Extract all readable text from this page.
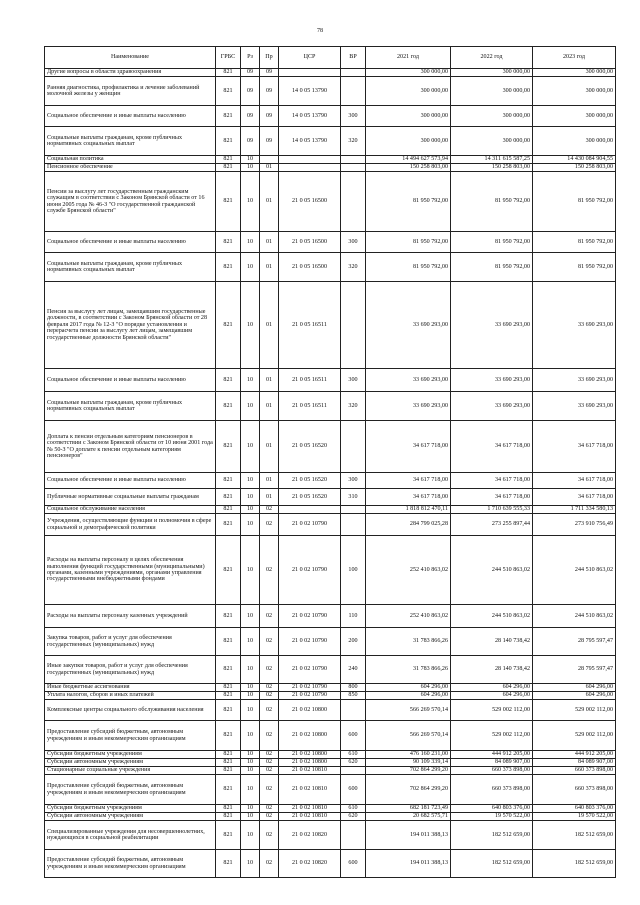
78
Наименование	ГРБС	Рз	Пр	ЦСР	ВР	2021 год	2022 год	2023 год
Другие вопросы в области здравоохранения	821	09	09			300 000,00	300 000,00	300 000,00
Ранняя диагностика, профилактика и лечение заболеваний молочной железы у женщин	821	09	09	14 0 05 13790		300 000,00	300 000,00	300 000,00
Социальное обеспечение и иные выплаты населению	821	09	09	14 0 05 13790	300	300 000,00	300 000,00	300 000,00
Социальные выплаты гражданам, кроме публичных нормативных социальных выплат	821	09	09	14 0 05 13790	320	300 000,00	300 000,00	300 000,00
Социальная политика	821	10				14 494 627 573,94	14 311 615 587,25	14 430 084 904,55
Пенсионное обеспечение	821	10	01			150 258 803,00	150 258 803,00	150 258 803,00
Пенсии за выслугу лет государственным гражданским служащим в соответствии с Законом Брянской области от 16 июня 2005 года № 46-З "О государственной гражданской службе Брянской области"	821	10	01	21 0 05 16500		81 950 792,00	81 950 792,00	81 950 792,00
Социальное обеспечение и иные выплаты населению	821	10	01	21 0 05 16500	300	81 950 792,00	81 950 792,00	81 950 792,00
Социальные выплаты гражданам, кроме публичных нормативных социальных выплат	821	10	01	21 0 05 16500	320	81 950 792,00	81 950 792,00	81 950 792,00
Пенсия за выслугу лет лицам, замещавшим государственные должности, в соответствии с Законом Брянской области от 28 февраля 2017 года № 12-З "О порядке установления и перерасчета пенсии за выслугу лет лицам, замещавшим государственные должности Брянской области"	821	10	01	21 0 05 16511		33 690 293,00	33 690 293,00	33 690 293,00
Социальное обеспечение и иные выплаты населению	821	10	01	21 0 05 16511	300	33 690 293,00	33 690 293,00	33 690 293,00
Социальные выплаты гражданам, кроме публичных нормативных социальных выплат	821	10	01	21 0 05 16511	320	33 690 293,00	33 690 293,00	33 690 293,00
Доплата к пенсии отдельным категориям пенсионеров в соответствии с Законом Брянской области от 10 июня 2001 года № 50-З "О доплате к пенсии отдельным категориям пенсионеров"	821	10	01	21 0 05 16520		34 617 718,00	34 617 718,00	34 617 718,00
Социальное обеспечение и иные выплаты населению	821	10	01	21 0 05 16520	300	34 617 718,00	34 617 718,00	34 617 718,00
Публичные нормативные социальные выплаты гражданам	821	10	01	21 0 05 16520	310	34 617 718,00	34 617 718,00	34 617 718,00
Социальное обслуживание населения	821	10	02			1 818 812 470,11	1 710 639 555,33	1 711 334 580,13
Учреждения, осуществляющие функции и полномочия в сфере социальной и демографической политики	821	10	02	21 0 02 10790		284 799 025,28	273 255 897,44	273 910 756,49
Расходы на выплаты персоналу в целях обеспечения выполнения функций государственными (муниципальными) органами, казенными учреждениями, органами управления государственными внебюджетными фондами	821	10	02	21 0 02 10790	100	252 410 863,02	244 510 863,02	244 510 863,02
Расходы на выплаты персоналу казенных учреждений	821	10	02	21 0 02 10790	110	252 410 863,02	244 510 863,02	244 510 863,02
Закупка товаров, работ и услуг для обеспечения государственных (муниципальных) нужд	821	10	02	21 0 02 10790	200	31 783 866,26	28 140 738,42	28 795 597,47
Иные закупки товаров, работ и услуг для обеспечения государственных (муниципальных) нужд	821	10	02	21 0 02 10790	240	31 783 866,26	28 140 738,42	28 795 597,47
Иные бюджетные ассигнования	821	10	02	21 0 02 10790	800	604 296,00	604 296,00	604 296,00
Уплата налогов, сборов и иных платежей	821	10	02	21 0 02 10790	850	604 296,00	604 296,00	604 296,00
Комплексные центры социального обслуживания населения	821	10	02	21 0 02 10800		566 269 570,14	529 002 112,00	529 002 112,00
Предоставление субсидий бюджетным, автономным учреждениям и иным некоммерческим организациям	821	10	02	21 0 02 10800	600	566 269 570,14	529 002 112,00	529 002 112,00
Субсидии бюджетным учреждениям	821	10	02	21 0 02 10800	610	476 160 231,00	444 912 205,00	444 912 205,00
Субсидии автономным учреждениям	821	10	02	21 0 02 10800	620	90 109 339,14	84 089 907,00	84 089 907,00
Стационарные социальные учреждения	821	10	02	21 0 02 10810		702 864 299,20	660 373 898,00	660 373 898,00
Предоставление субсидий бюджетным, автономным учреждениям и иным некоммерческим организациям	821	10	02	21 0 02 10810	600	702 864 299,20	660 373 898,00	660 373 898,00
Субсидии бюджетным учреждениям	821	10	02	21 0 02 10810	610	682 181 723,49	640 803 376,00	640 803 376,00
Субсидии автономным учреждениям	821	10	02	21 0 02 10810	620	20 682 575,71	19 570 522,00	19 570 522,00
Специализированные учреждения для несовершеннолетних, нуждающихся в социальной реабилитации	821	10	02	21 0 02 10820		194 011 388,13	182 512 659,00	182 512 659,00
Предоставление субсидий бюджетным, автономным учреждениям и иным некоммерческим организациям	821	10	02	21 0 02 10820	600	194 011 388,13	182 512 659,00	182 512 659,00
